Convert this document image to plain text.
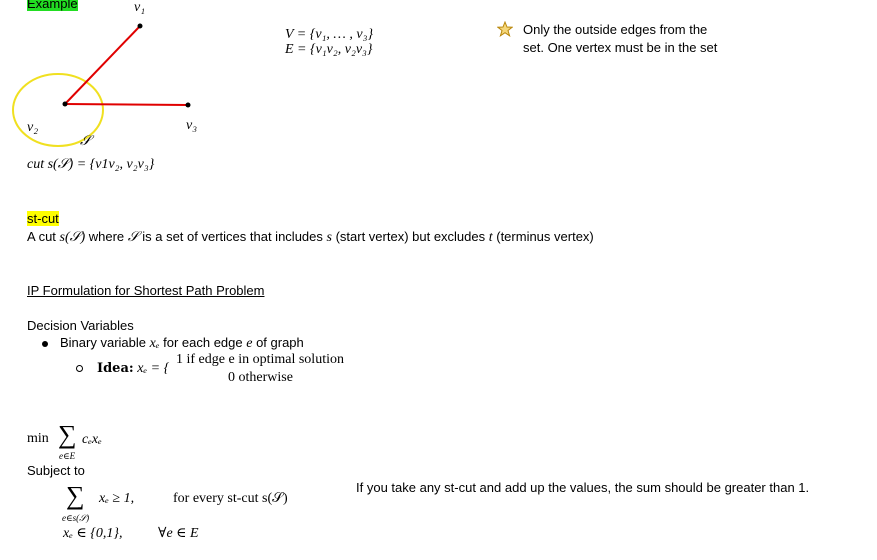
Example	v₁
v₂	v₃
𝒮
V = {v₁, … , v₃}
E = {v₁v₂, v₂v₃}
Only the outside edges from the
set. One vertex must be in the set
cut s(𝒮) = {v1v₂, v₂v₃}
st-cut
A cut s(𝒮) where 𝒮 is a set of vertices that includes s (start vertex) but excludes t (terminus vertex)
IP Formulation for Shortest Path Problem
Decision Variables
Binary variable xₑ for each edge e of graph
Idea: xₑ = {
1 if edge e in optimal solution
0 otherwise
min ∑ cₑxₑ
e∈E
Subject to
∑ xₑ ≥ 1,
e∈s(𝒮)
for every st-cut s(𝒮)
xₑ ∈ {0,1},	∀e ∈ E
If you take any st-cut and add up the values, the sum should be greater than 1.
